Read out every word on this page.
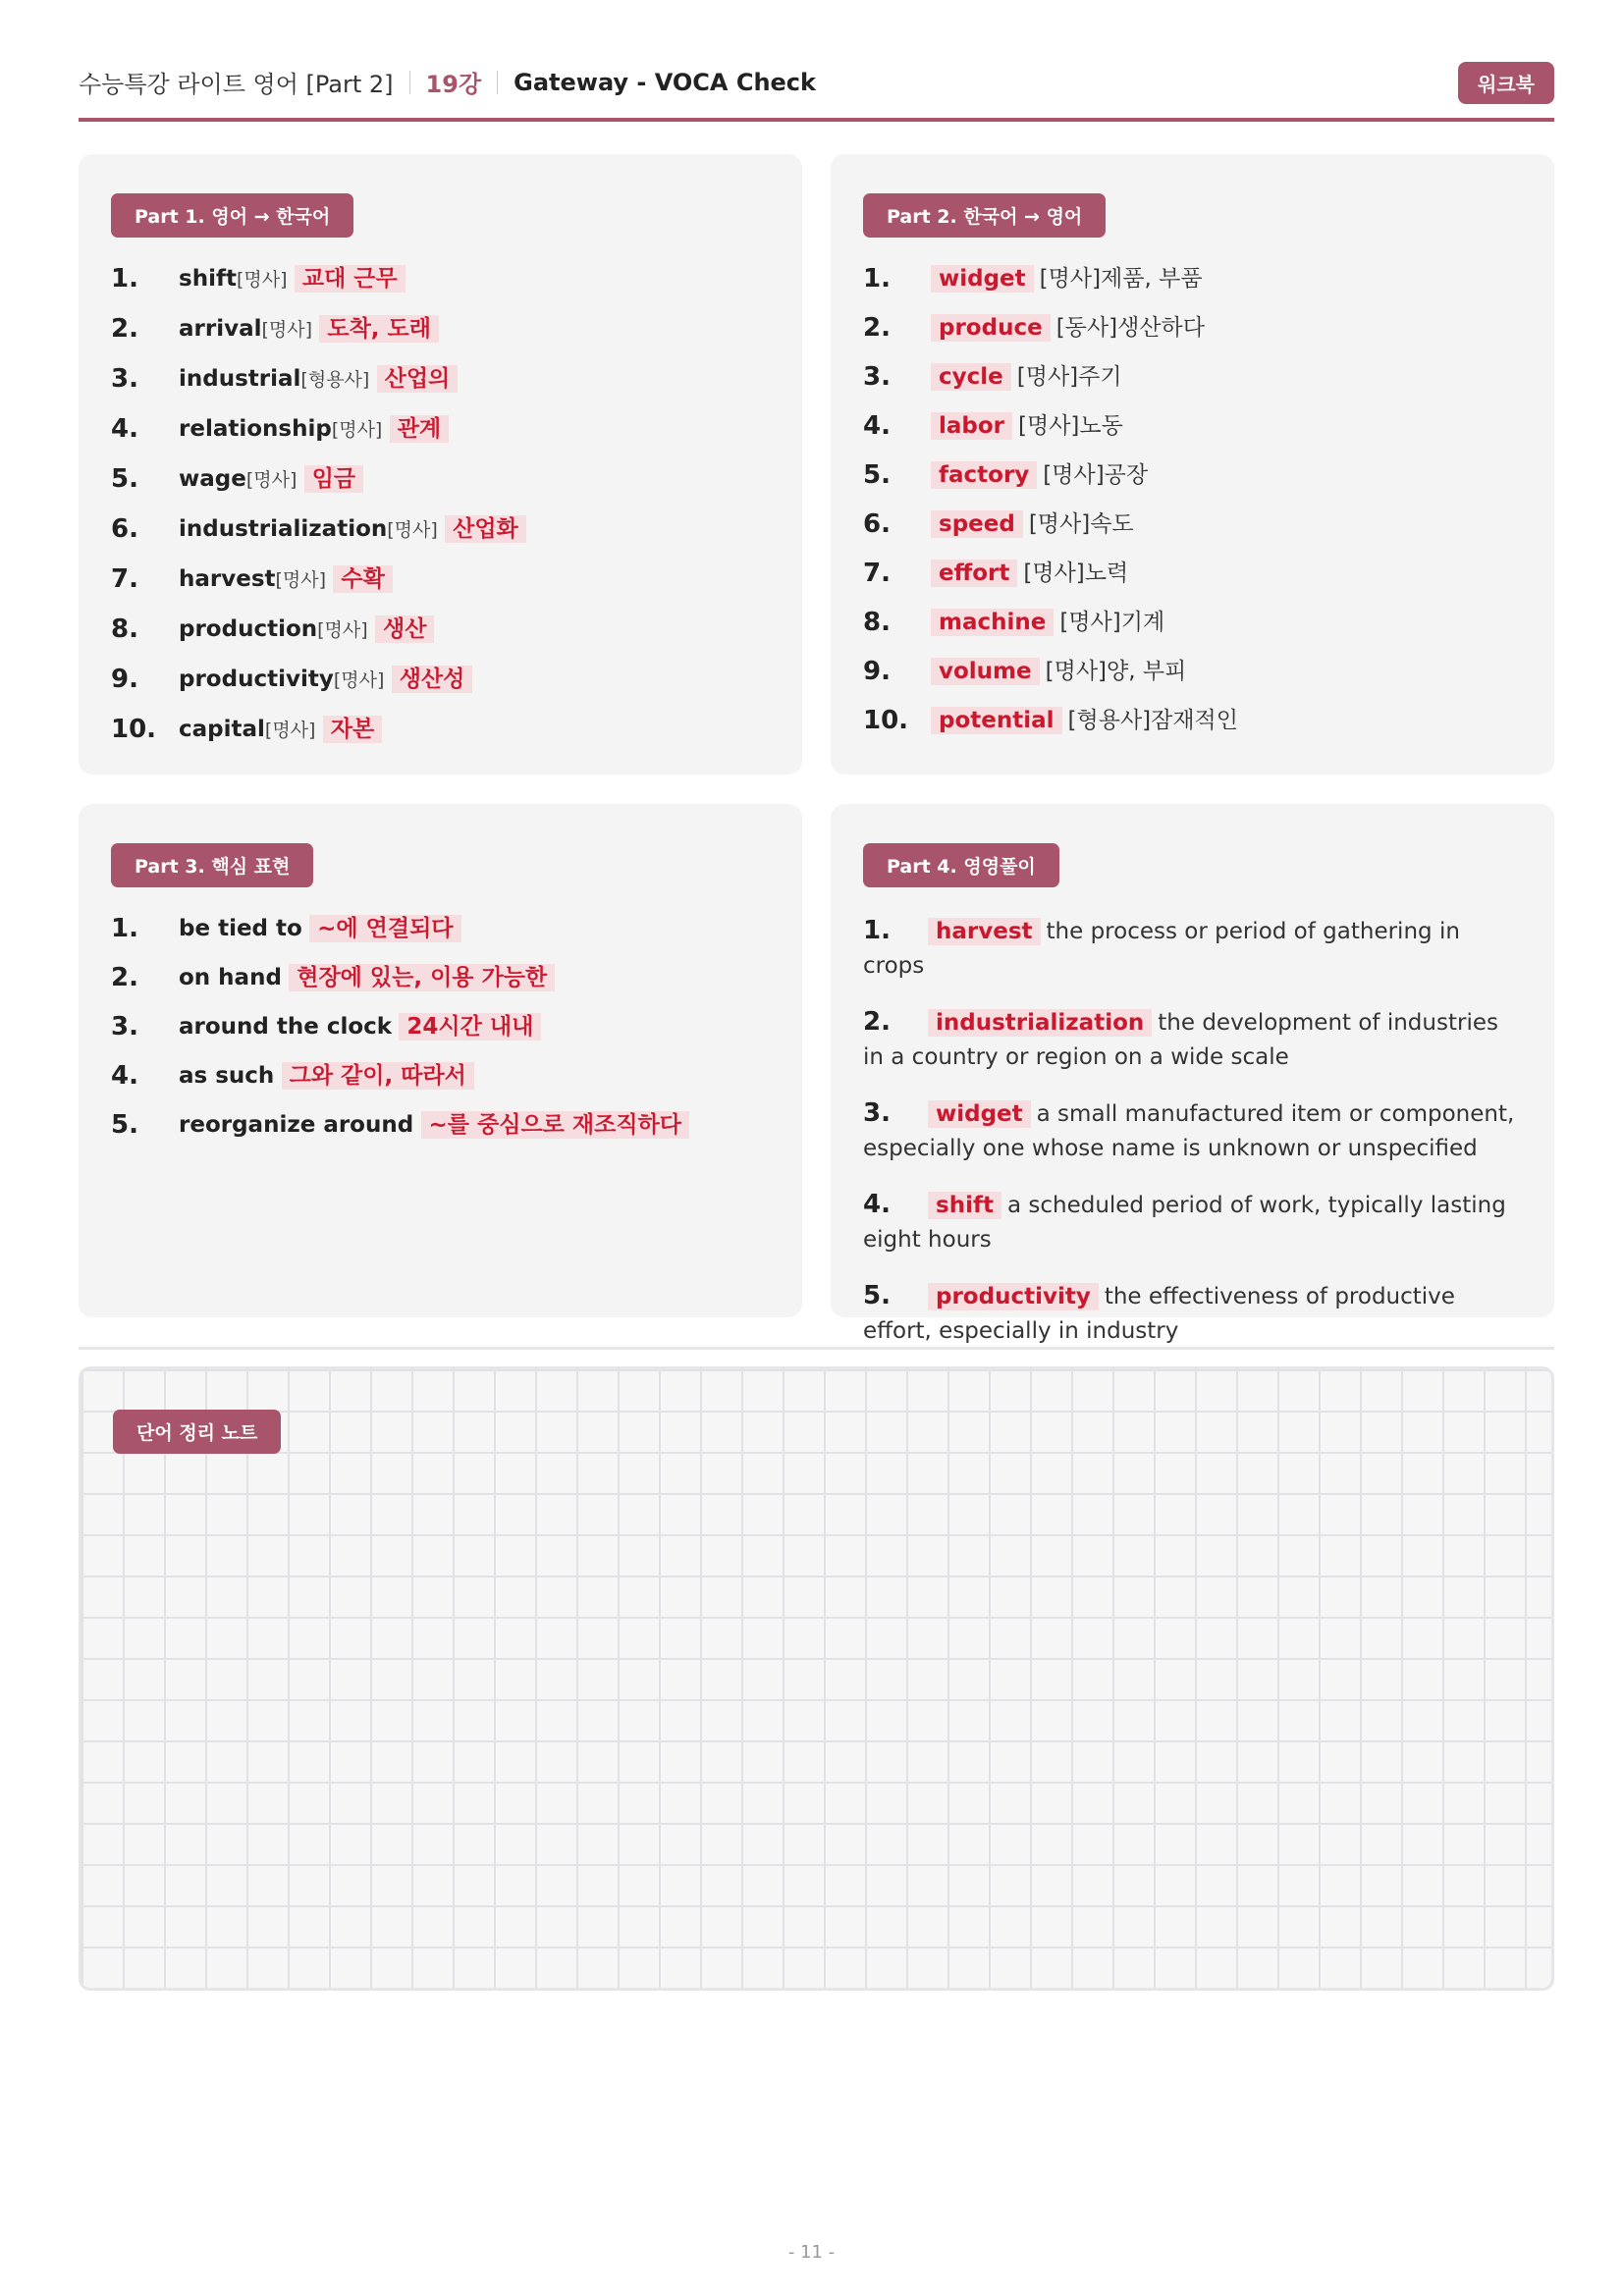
수능특강 라이트 영어 [Part 2] 19강 Gateway - VOCA Check	워크북
Part 1. 영어 → 한국어
1. shift[명사] 교대 근무
2. arrival[명사] 도착, 도래
3. industrial[형용사] 산업의
4. relationship[명사] 관계
5. wage[명사] 임금
6. industrialization[명사] 산업화
7. harvest[명사] 수확
8. production[명사] 생산
9. productivity[명사] 생산성
10. capital[명사] 자본
Part 2. 한국어 → 영어
1. widget [명사]제품, 부품
2. produce [동사]생산하다
3. cycle [명사]주기
4. labor [명사]노동
5. factory [명사]공장
6. speed [명사]속도
7. effort [명사]노력
8. machine [명사]기계
9. volume [명사]양, 부피
10. potential [형용사]잠재적인
Part 3. 핵심 표현
1. be tied to ~에 연결되다
2. on hand 현장에 있는, 이용 가능한
3. around the clock 24시간 내내
4. as such 그와 같이, 따라서
5. reorganize around ~를 중심으로 재조직하다
Part 4. 영영풀이
1. harvest the process or period of gathering in crops
2. industrialization the development of industries in a country or region on a wide scale
3. widget a small manufactured item or component, especially one whose name is unknown or unspecified
4. shift a scheduled period of work, typically lasting eight hours
5. productivity the effectiveness of productive effort, especially in industry
단어 정리 노트
- 11 -
